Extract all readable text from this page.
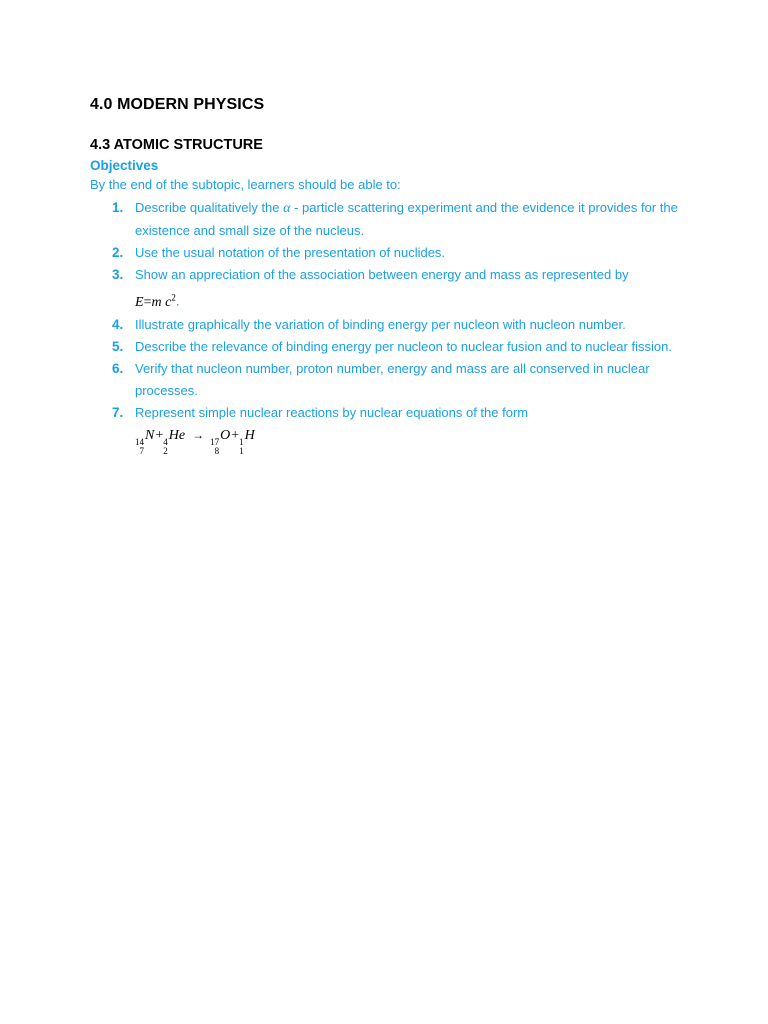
4.0 MODERN PHYSICS
4.3 ATOMIC STRUCTURE
Objectives
By the end of the subtopic, learners should be able to:
1. Describe qualitatively the α - particle scattering experiment and the evidence it provides for the existence and small size of the nucleus.
2. Use the usual notation of the presentation of nuclides.
3. Show an appreciation of the association between energy and mass as represented by
E=m $c^2$.
4. Illustrate graphically the variation of binding energy per nucleon with nucleon number.
5. Describe the relevance of binding energy per nucleon to nuclear fusion and to nuclear fission.
6. Verify that nucleon number, proton number, energy and mass are all conserved in nuclear processes.
7. Represent simple nuclear reactions by nuclear equations of the form

14
7
N+ 4
2
He → 17
8
O+ 1
1
H
